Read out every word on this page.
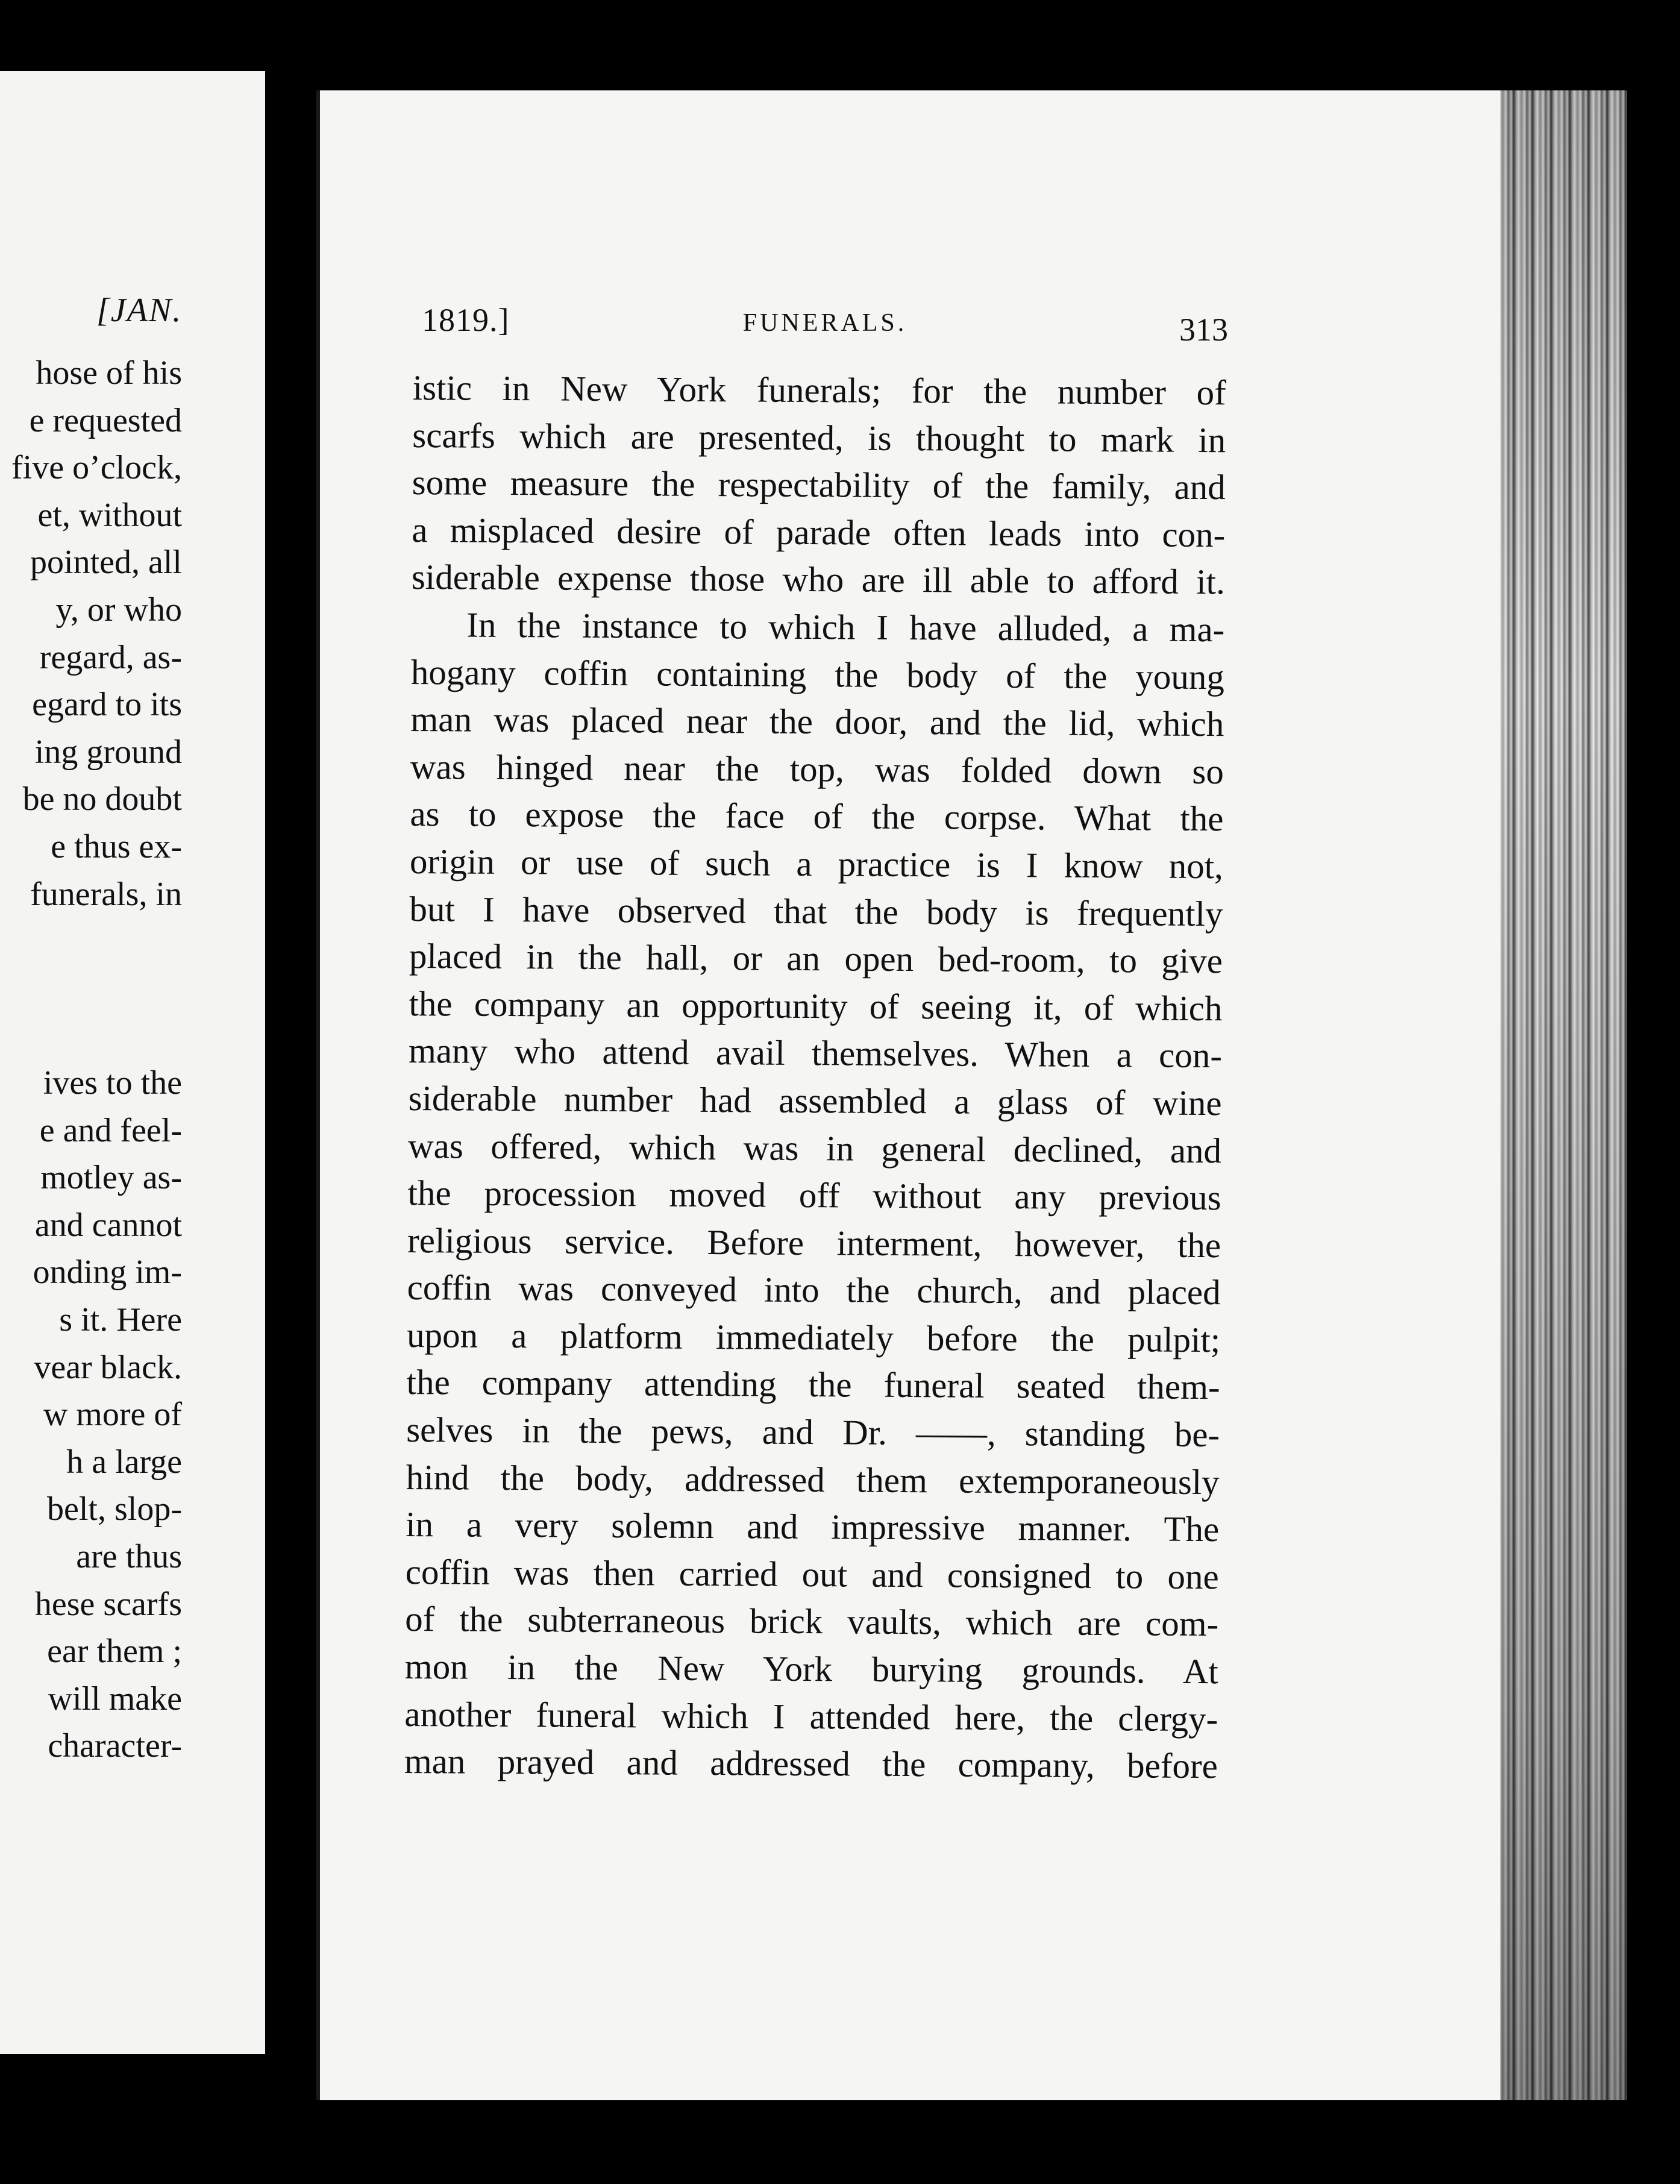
[JAN.
hose of his
e requested
five o’clock,
et, without
pointed, all
y, or who
regard, as-
egard to its
ing ground
be no doubt
e thus ex-
funerals, in
ives to the
e and feel-
motley as-
and cannot
onding im-
s it. Here
vear black.
w more of
h a large
belt, slop-
are thus
hese scarfs
ear them ;
will make
character-
1819.]	FUNERALS.	313
istic in New York funerals; for the number of
scarfs which are presented, is thought to mark in
some measure the respectability of the family, and
a misplaced desire of parade often leads into con-
siderable expense those who are ill able to afford it.
In the instance to which I have alluded, a ma-
hogany coffin containing the body of the young
man was placed near the door, and the lid, which
was hinged near the top, was folded down so
as to expose the face of the corpse. What the
origin or use of such a practice is I know not,
but I have observed that the body is frequently
placed in the hall, or an open bed-room, to give
the company an opportunity of seeing it, of which
many who attend avail themselves. When a con-
siderable number had assembled a glass of wine
was offered, which was in general declined, and
the procession moved off without any previous
religious service. Before interment, however, the
coffin was conveyed into the church, and placed
upon a platform immediately before the pulpit;
the company attending the funeral seated them-
selves in the pews, and Dr. ——, standing be-
hind the body, addressed them extemporaneously
in a very solemn and impressive manner. The
coffin was then carried out and consigned to one
of the subterraneous brick vaults, which are com-
mon in the New York burying grounds. At
another funeral which I attended here, the clergy-
man prayed and addressed the company, before
